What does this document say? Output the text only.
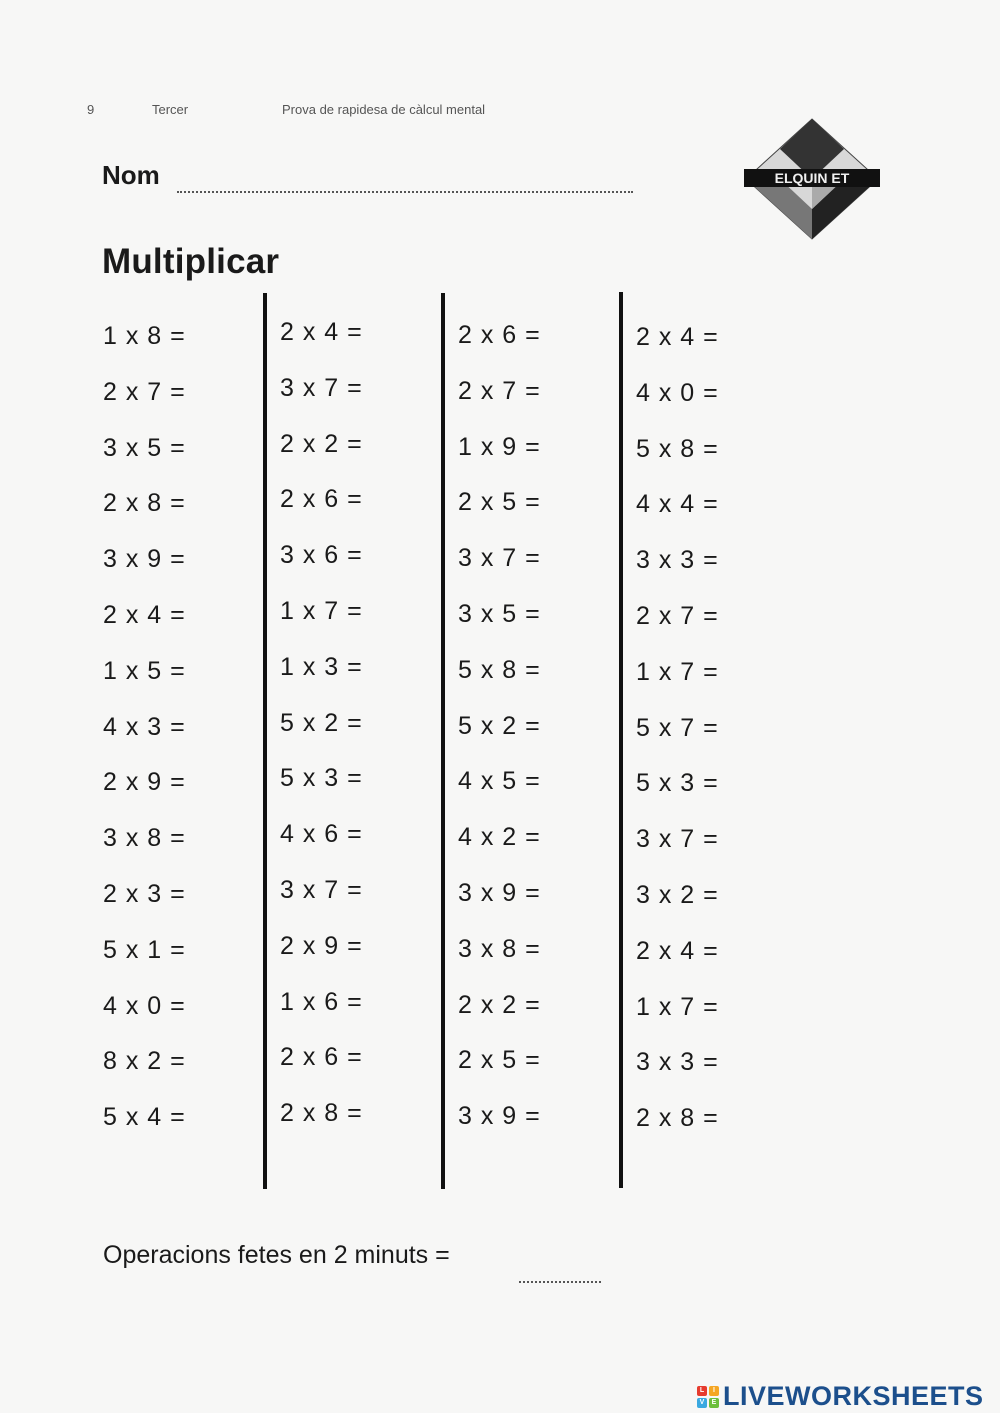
9	Tercer	Prova de rapidesa de càlcul mental
Nom	ELQUIN ET
Multiplicar
1 x 8 =
2 x 7 =
3 x 5 =
2 x 8 =
3 x 9 =
2 x 4 =
1 x 5 =
4 x 3 =
2 x 9 =
3 x 8 =
2 x 3 =
5 x 1 =
4 x 0 =
8 x 2 =
5 x 4 =
2 x 4 =
3 x 7 =
2 x 2 =
2 x 6 =
3 x 6 =
1 x 7 =
1 x 3 =
5 x 2 =
5 x 3 =
4 x 6 =
3 x 7 =
2 x 9 =
1 x 6 =
2 x 6 =
2 x 8 =
2 x 6 =
2 x 7 =
1 x 9 =
2 x 5 =
3 x 7 =
3 x 5 =
5 x 8 =
5 x 2 =
4 x 5 =
4 x 2 =
3 x 9 =
3 x 8 =
2 x 2 =
2 x 5 =
3 x 9 =
2 x 4 =
4 x 0 =
5 x 8 =
4 x 4 =
3 x 3 =
2 x 7 =
1 x 7 =
5 x 7 =
5 x 3 =
3 x 7 =
3 x 2 =
2 x 4 =
1 x 7 =
3 x 3 =
2 x 8 =
Operacions fetes en 2 minuts =
L	I
V	E LIVEWORKSHEETS
